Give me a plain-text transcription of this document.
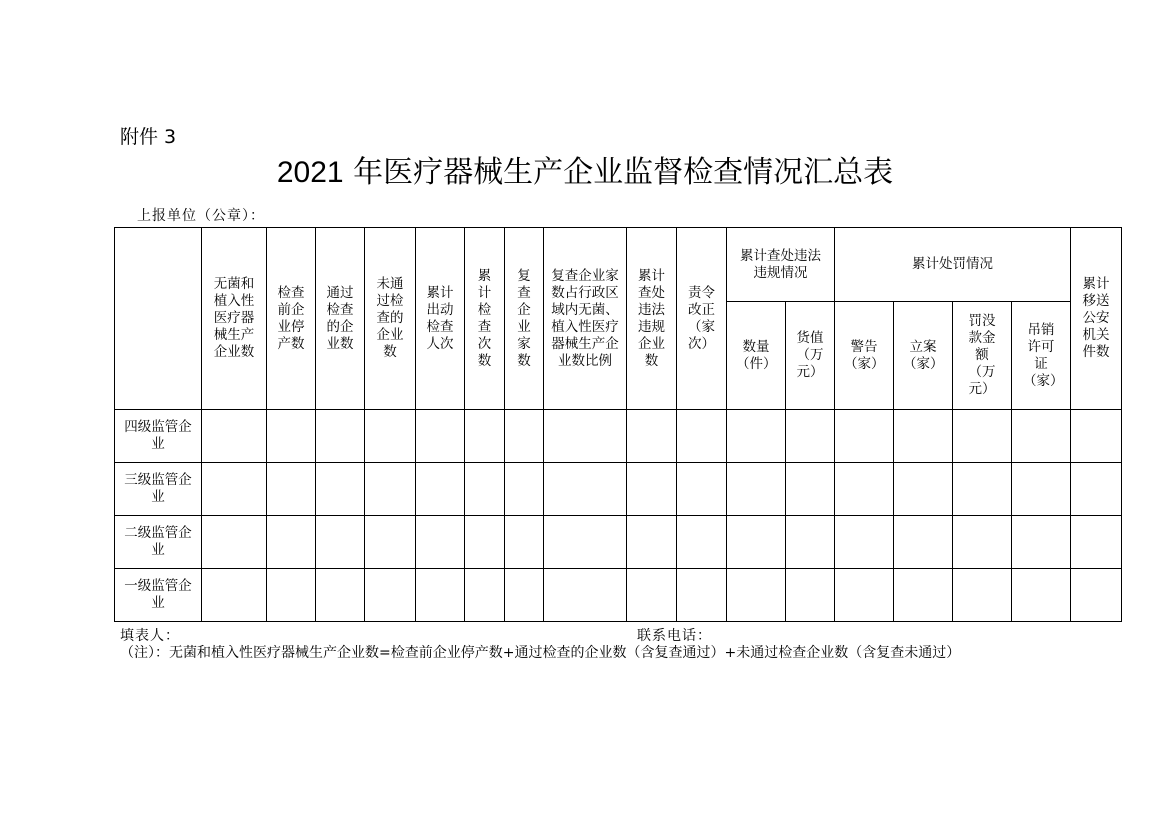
附件 3
2021 年医疗器械生产企业监督检查情况汇总表
上报单位（公章）：
	无菌和植入性医疗器械生产企业数	检查前企业停产数	通过检查的企业数	未通过检查的企业数	累计出动检查人次	累计检查次数	复查企业家数	复查企业家数占行政区域内无菌、植入性医疗器械生产企业数比例	累计查处违法违规企业数	责令改正（家次）	累计查处违法违规情况		累计处罚情况				累计移送公安机关件数
											数量（件）	货值（万元）	警告（家）	立案（家）	罚没款金额（万元）	吊销许可证（家）	
四级监管企业																	
三级监管企业																	
二级监管企业																	
一级监管企业																	
填表人：	联系电话：
（注）：无菌和植入性医疗器械生产企业数=检查前企业停产数+通过检查的企业数（含复查通过）+未通过检查企业数（含复查未通过）
